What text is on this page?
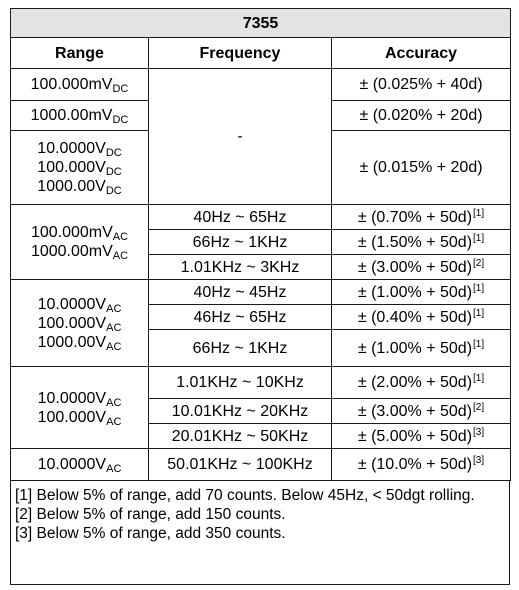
7355		
Range	Frequency	Accuracy

$100.000mV_{DC}$	-	± (0.025% + 40d)

$1000.00mV_{DC}$		± (0.020% + 20d)

$10.0000V_{DC}$
$100.000V_{DC}$
$1000.00V_{DC}$		± (0.015% + 20d)

$100.000mV_{AC}$
$1000.00mV_{AC}$	40Hz ~ 65Hz	± (0.70% + 50d)[1]
	66Hz ~ 1KHz	± (1.50% + 50d)[1]
	1.01KHz ~ 3KHz	± (3.00% + 50d)[2]

$10.0000V_{AC}$
$100.000V_{AC}$
$1000.00V_{AC}$	40Hz ~ 45Hz	± (1.00% + 50d)[1]
	46Hz ~ 65Hz	± (0.40% + 50d)[1]
	66Hz ~ 1KHz	± (1.00% + 50d)[1]

$10.0000V_{AC}$
$100.000V_{AC}$	1.01KHz ~ 10KHz	± (2.00% + 50d)[1]
	10.01KHz ~ 20KHz	± (3.00% + 50d)[2]
	20.01KHz ~ 50KHz	± (5.00% + 50d)[3]

$10.0000V_{AC}$	50.01KHz ~ 100KHz	± (10.0% + 50d)[3]
[1] Below 5% of range, add 70 counts. Below 45Hz, < 50dgt rolling.
[2] Below 5% of range, add 150 counts.
[3] Below 5% of range, add 350 counts.
